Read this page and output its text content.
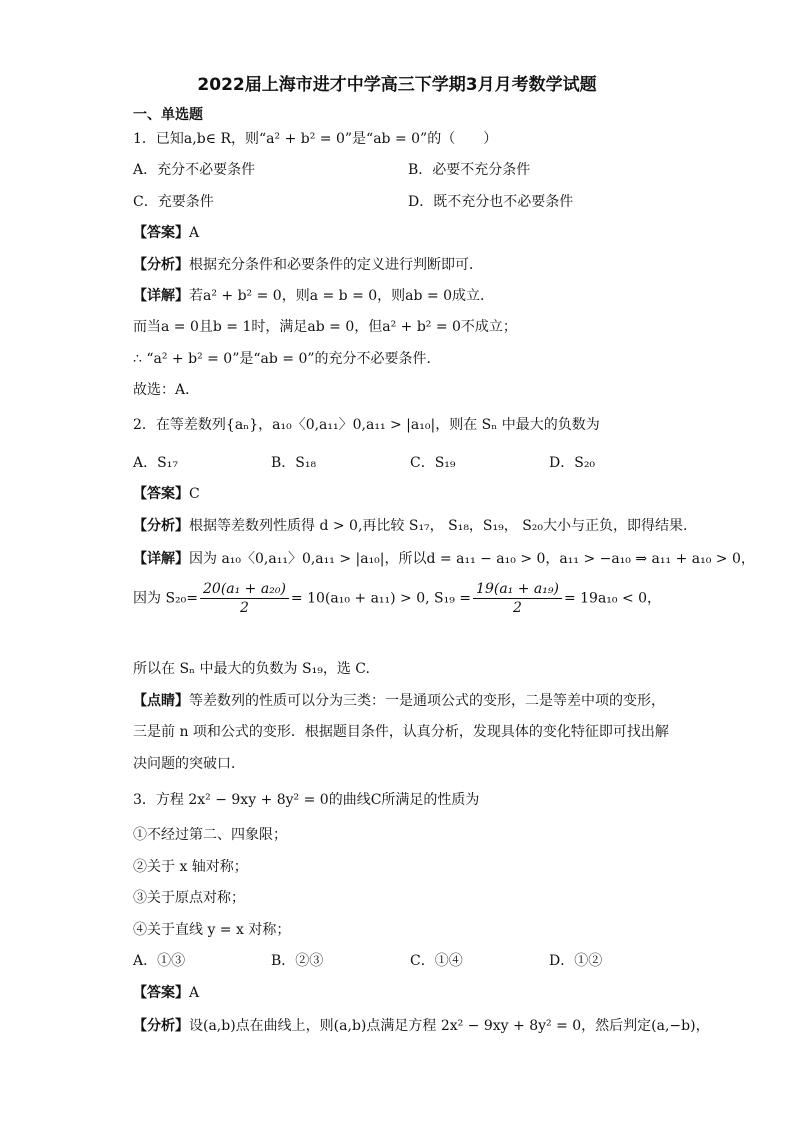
2022届上海市进才中学高三下学期3月月考数学试题
一、单选题
1．已知a,b∈ R，则“a² + b² = 0”是“ab = 0”的（　　）
A．充分不必要条件	B．必要不充分条件
C．充要条件	D．既不充分也不必要条件
【答案】A
【分析】根据充分条件和必要条件的定义进行判断即可．
【详解】若a² + b² = 0，则a = b = 0，则ab = 0成立．
而当a = 0且b = 1时，满足ab = 0，但a² + b² = 0不成立；
∴ “a² + b² = 0”是“ab = 0”的充分不必要条件．
故选：A．
2．在等差数列{aₙ}，a₁₀〈0,a₁₁〉0,a₁₁ > |a₁₀|，则在 Sₙ 中最大的负数为
A．S₁₇	B．S₁₈	C．S₁₉	D．S₂₀
【答案】C
【分析】根据等差数列性质得 d > 0,再比较 S₁₇， S₁₈，S₁₉， S₂₀大小与正负，即得结果.
【详解】因为 a₁₀〈0,a₁₁〉0,a₁₁ > |a₁₀|，所以d = a₁₁ − a₁₀ > 0，a₁₁ > −a₁₀ ⇒ a₁₁ + a₁₀ > 0，
因为 $S_{20}= \frac{\text{20(a₁ + a₂₀)}}{2} = 10(a_{10} + a_{11}) > 0$, $S_{19} = \frac{\text{19(a₁ + a₁₉)}}{2} = 19a_{10} < 0$，
所以在 Sₙ 中最大的负数为 S₁₉，选 C.
【点睛】等差数列的性质可以分为三类：一是通项公式的变形，二是等差中项的变形，
三是前 n 项和公式的变形．根据题目条件，认真分析，发现具体的变化特征即可找出解
决问题的突破口．
3．方程 2x² − 9xy + 8y² = 0的曲线C所满足的性质为
①不经过第二、四象限；
②关于 x 轴对称；
③关于原点对称；
④关于直线 y = x 对称；
A．①③	B．②③	C．①④	D．①②
【答案】A
【分析】设(a,b)点在曲线上，则(a,b)点满足方程 2x² − 9xy + 8y² = 0，然后判定(a,−b)，
